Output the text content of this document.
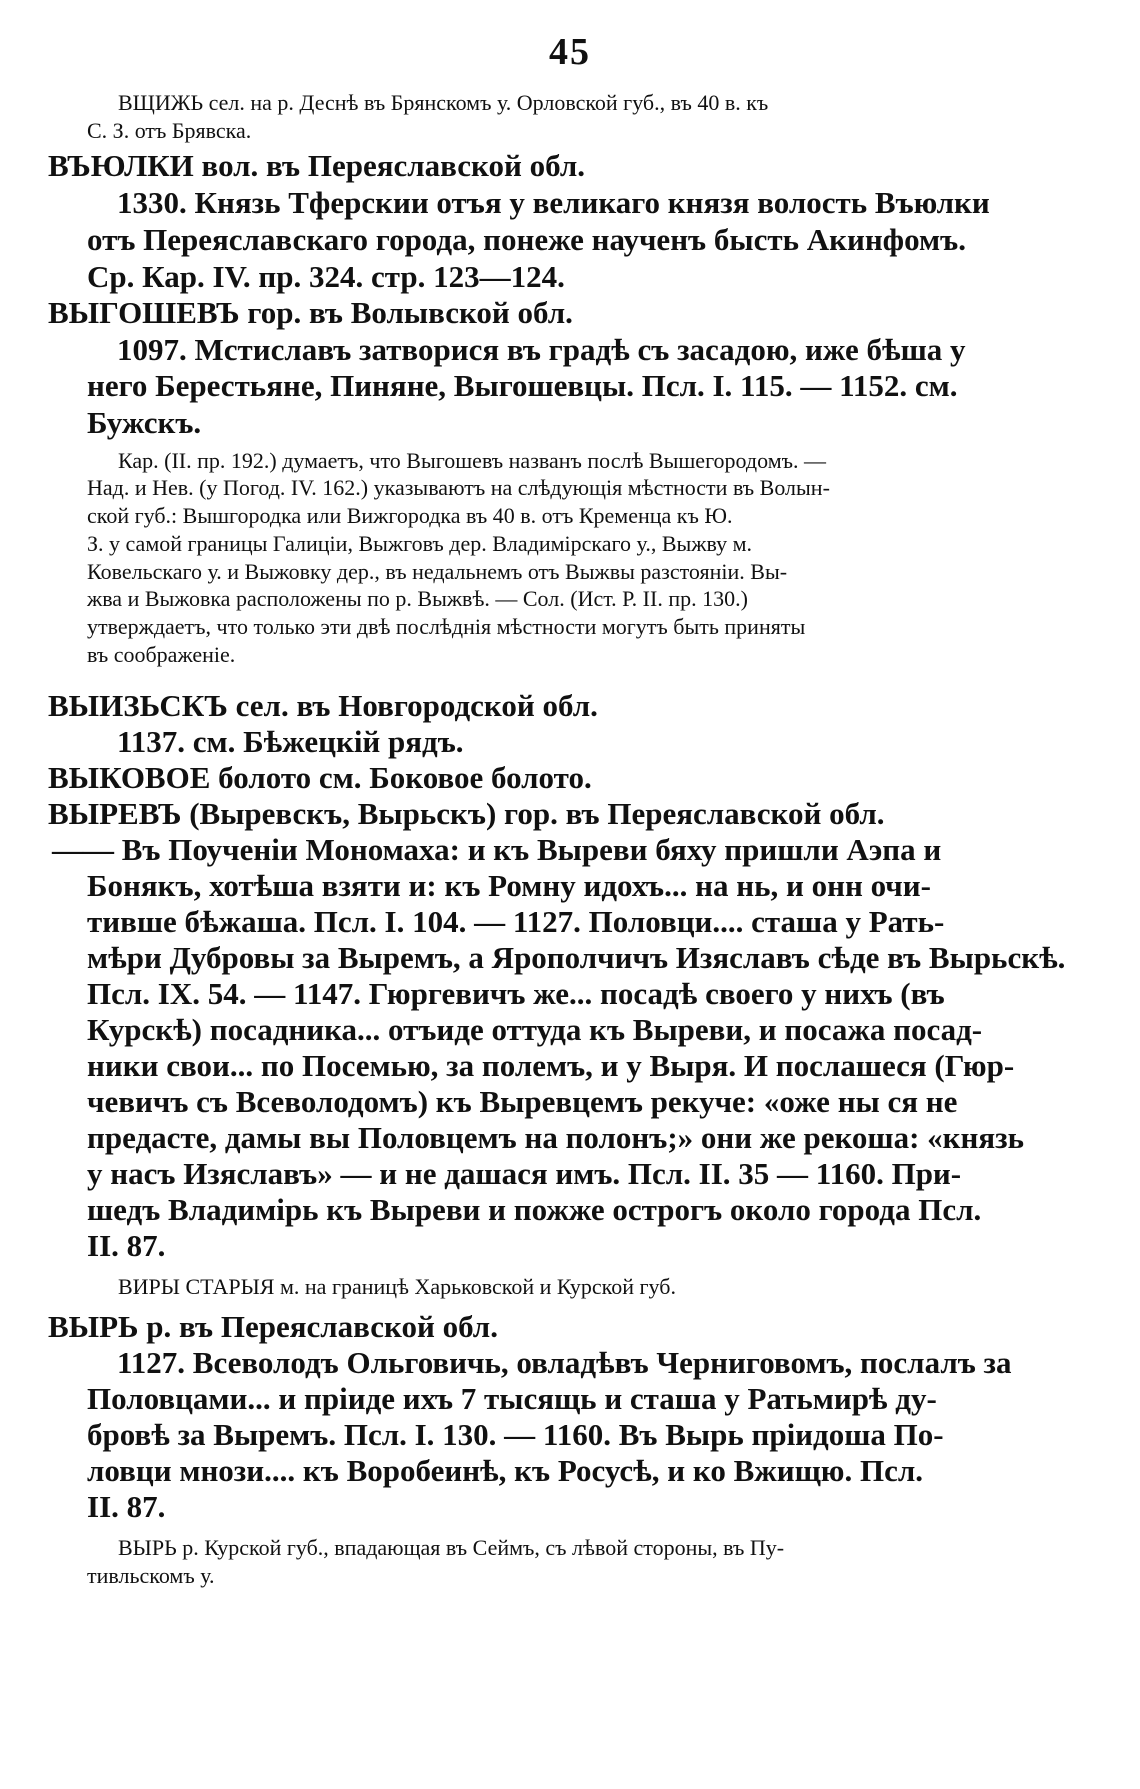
45
ВЩИЖЬ сел. на р. Деснѣ въ Брянскомъ у. Орловской губ., въ 40 в. къ
С. З. отъ Брявска.
ВЪЮЛКИ вол. въ Переяславской обл.
1330. Князь Тферскии отъя у великаго князя волость Въюлки
отъ Переяславскаго города, понеже наученъ бысть Акинфомъ.
Ср. Кар. IV. пр. 324. стр. 123—124.
ВЫГОШЕВЪ гор. въ Волывской обл.
1097. Мстиславъ затворися въ градѣ съ засадою, иже бѣша у
него Берестьяне, Пиняне, Выгошевцы. Псл. I. 115. — 1152. см.
Бужскъ.
Кар. (II. пр. 192.) думаетъ, что Выгошевъ названъ послѣ Вышегородомъ. —
Над. и Нев. (у Погод. IV. 162.) указываютъ на слѣдующія мѣстности въ Волын-
ской губ.: Вышгородка или Вижгородка въ 40 в. отъ Кременца къ Ю.
З. у самой границы Галиціи, Выжговъ дер. Владимірскаго у., Выжву м.
Ковельскаго у. и Выжовку дер., въ недальнемъ отъ Выжвы разстояніи. Вы-
жва и Выжовка расположены по р. Выжвѣ. — Сол. (Ист. Р. II. пр. 130.)
утверждаетъ, что только эти двѣ послѣднія мѣстности могутъ быть приняты
въ соображеніе.
ВЫИЗЬСКЪ сел. въ Новгородской обл.
1137. см. Бѣжецкій рядъ.
ВЫКОВОЕ болото см. Боковое болото.
ВЫРЕВЪ (Выревскъ, Вырьскъ) гор. въ Переяславской обл.
—— Въ Поученіи Мономаха: и къ Выреви бяху пришли Аэпа и
Бонякъ, хотѣша взяти и: къ Ромну идохъ... на нь, и онн очи-
тивше бѣжаша. Псл. I. 104. — 1127. Половци.... сташа у Рать-
мѣри Дубровы за Выремъ, а Ярополчичъ Изяславъ сѣде въ Вырьскѣ.
Псл. IX. 54. — 1147. Гюргевичъ же... посадѣ своего у нихъ (въ
Курскѣ) посадника... отъиде оттуда къ Выреви, и посажа посад-
ники свои... по Посемью, за полемъ, и у Выря. И послашеся (Гюр-
чевичъ съ Всеволодомъ) къ Выревцемъ рекуче: «оже ны ся не
предасте, дамы вы Половцемъ на полонъ;» они же рекоша: «князь
у насъ Изяславъ» — и не дашася имъ. Псл. II. 35 — 1160. При-
шедъ Владимірь къ Выреви и пожже острогъ около города Псл.
II. 87.
ВИРЫ СТАРЫЯ м. на границѣ Харьковской и Курской губ.
ВЫРЬ р. въ Переяславской обл.
1127. Всеволодъ Ольговичь, овладѣвъ Черниговомъ, послалъ за
Половцами... и пріиде ихъ 7 тысящь и сташа у Ратьмирѣ ду-
бровѣ за Выремъ. Псл. I. 130. — 1160. Въ Вырь пріидоша По-
ловци мнози.... къ Воробеинѣ, къ Росусѣ, и ко Вжищю. Псл.
II. 87.
ВЫРЬ р. Курской губ., впадающая въ Сеймъ, съ лѣвой стороны, въ Пу-
тивльскомъ у.
